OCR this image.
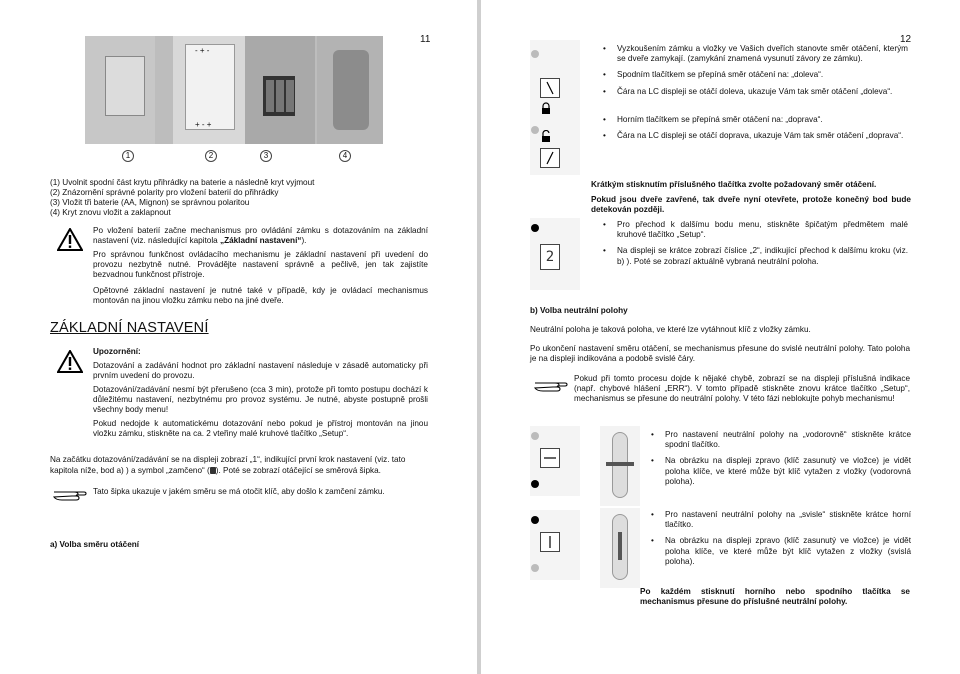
11
- + -
+ - +
1	2	3	4
(1) Uvolnit spodní část krytu přihrádky na baterie a následně kryt vyjmout
(2) Znázornění správné polarity pro vložení baterií do přihrádky
(3) Vložit tři baterie (AA, Mignon) se správnou polaritou
(4) Kryt znovu vložit a zaklapnout
Po vložení baterií začne mechanismus pro ovládání zámku s dotazováním na základní nastavení (viz. následující kapitola „Základní nastavení“).
Pro správnou funkčnost ovládacího mechanismu je základní nastavení při uvedení do provozu nezbytně nutné. Provádějte nastavení správně a pečlivě, jen tak zajistíte bezvadnou funkčnost přístroje.
Opětovné základní nastavení je nutné také v případě, kdy je ovládací mechanismus montován na jinou vložku zámku nebo na jiné dveře.
ZÁKLADNÍ NASTAVENÍ
Upozornění:
Dotazování a zadávání hodnot pro základní nastavení následuje v zásadě automaticky při prvním uvedení do provozu.
Dotazování/zadávání nesmí být přerušeno (cca 3 min), protože při tomto postupu dochází k důležitému nastavení, nezbytnému pro provoz systému. Je nutné, abyste postupně prošli všechny body menu!
Pokud nedojde k automatickému dotazování nebo pokud je přístroj montován na jinou vložku zámku, stiskněte na ca. 2 vteřiny malé kruhové tlačítko „Setup“.
Na začátku dotazování/zadávání se na displeji zobrazí „1“, indikující první krok nastavení (viz. tato
kapitola níže, bod a) ) a symbol „zamčeno“ ( ). Poté se zobrazí otáčející se směrová šipka.
Tato šipka ukazuje v jakém směru se má otočit klíč, aby došlo k zamčení zámku.
a) Volba směru otáčení
12
• Vyzkoušením zámku a vložky ve Vašich dveřích stanovte směr otáčení, kterým se dveře zamykají. (zamykání znamená vysunutí závory ze zámku).
• Spodním tlačítkem se přepíná směr otáčení na: „doleva“.
• Čára na LC displeji se otáčí doleva, ukazuje Vám tak směr otáčení „doleva“.
• Horním tlačítkem se přepíná směr otáčení na: „doprava“.
• Čára na LC displeji se otáčí doprava, ukazuje Vám tak směr otáčení „doprava“.
Krátkým stisknutím příslušného tlačítka zvolte požadovaný směr otáčení.
Pokud jsou dveře zavřené, tak dveře nyní otevřete, protože konečný bod bude detekován později.
2
• Pro přechod k dalšímu bodu menu, stiskněte špičatým předmětem malé kruhové tlačítko „Setup“.
• Na displeji se krátce zobrazí číslice „2“, indikující přechod k dalšímu kroku (viz. b) ). Poté se zobrazí aktuálně vybraná neutrální poloha.
b) Volba neutrální polohy
Neutrální poloha je taková poloha, ve které lze vytáhnout klíč z vložky zámku.
Po ukončení nastavení směru otáčení, se mechanismus přesune do svislé neutrální polohy. Tato poloha je na displeji indikována a podobě svislé čáry.
Pokud při tomto procesu dojde k nějaké chybě, zobrazí se na displeji příslušná indikace (např. chybové hlášení „ERR“). V tomto případě stiskněte znovu krátce tlačítko „Setup“, mechanismus se přesune do neutrální polohy. V této fázi neblokujte pohyb mechanismu!
• Pro nastavení neutrální polohy na „vodorovně“ stiskněte krátce spodní tlačítko.
• Na obrázku na displeji zpravo (klíč zasunutý ve vložce) je vidět poloha klíče, ve které může být klíč vytažen z vložky (vodorovná poloha).
• Pro nastavení neutrální polohy na „svisle“ stiskněte krátce horní tlačítko.
• Na obrázku na displeji zpravo (klíč zasunutý ve vložce) je vidět poloha klíče, ve které může být klíč vytažen z vložky (svislá poloha).
Po každém stisknutí horního nebo spodního tlačítka se mechanismus přesune do příslušné neutrální polohy.
